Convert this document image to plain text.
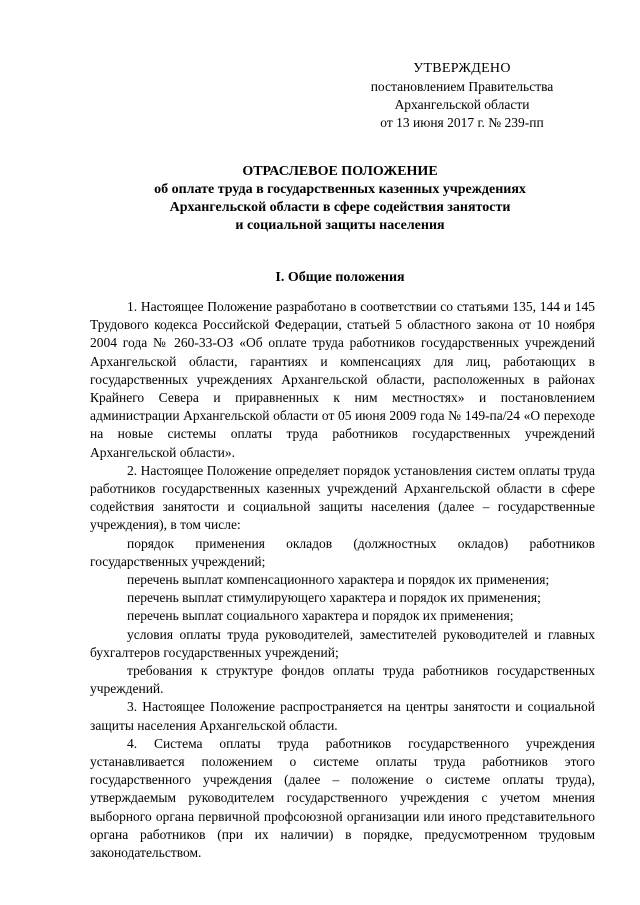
УТВЕРЖДЕНО
постановлением Правительства
Архангельской области
от 13 июня 2017 г. № 239-пп
ОТРАСЛЕВОЕ ПОЛОЖЕНИЕ
об оплате труда в государственных казенных учреждениях
Архангельской области в сфере содействия занятости
и социальной защиты населения
I. Общие положения

1. Настоящее Положение разработано в соответствии со статьями 135, 144 и 145 Трудового кодекса Российской Федерации, статьей 5 областного закона от 10 ноября 2004 года № 260-33-ОЗ «Об оплате труда работников государственных учреждений Архангельской области, гарантиях и компенсациях для лиц, работающих в государственных учреждениях Архангельской области, расположенных в районах Крайнего Севера и приравненных к ним местностях» и постановлением администрации Архангельской области от 05 июня 2009 года № 149-па/24 «О переходе на новые системы оплаты труда работников государственных учреждений Архангельской области».

2. Настоящее Положение определяет порядок установления систем оплаты труда работников государственных казенных учреждений Архангельской области в сфере содействия занятости и социальной защиты населения (далее – государственные учреждения), в том числе:

порядок применения окладов (должностных окладов) работников государственных учреждений;

перечень выплат компенсационного характера и порядок их применения;

перечень выплат стимулирующего характера и порядок их применения;

перечень выплат социального характера и порядок их применения;

условия оплаты труда руководителей, заместителей руководителей и главных бухгалтеров государственных учреждений;

требования к структуре фондов оплаты труда работников государственных учреждений.

3. Настоящее Положение распространяется на центры занятости и социальной защиты населения Архангельской области.

4. Система оплаты труда работников государственного учреждения устанавливается положением о системе оплаты труда работников этого государственного учреждения (далее – положение о системе оплаты труда), утверждаемым руководителем государственного учреждения с учетом мнения выборного органа первичной профсоюзной организации или иного представительного органа работников (при их наличии) в порядке, предусмотренном трудовым законодательством.
